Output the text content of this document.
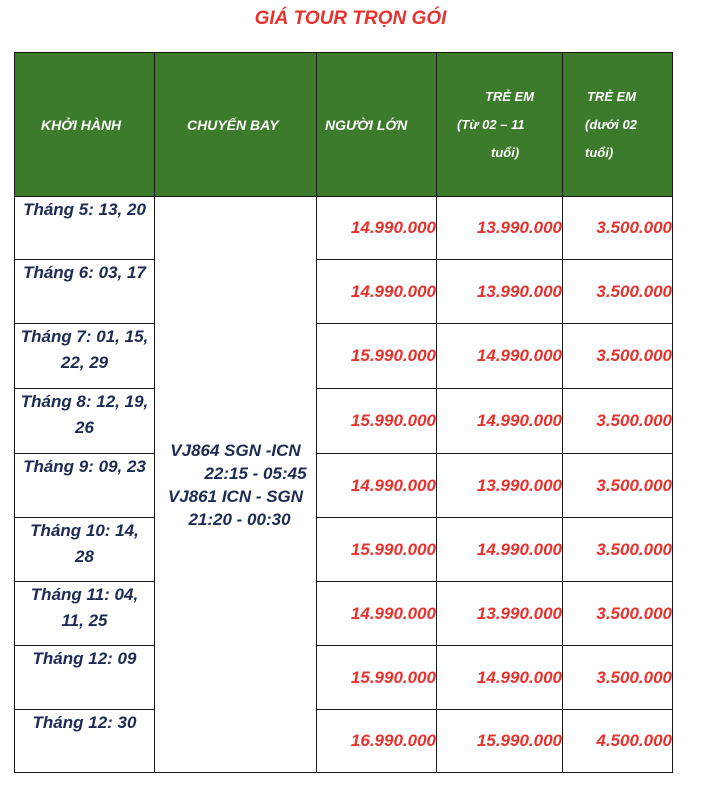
GIÁ TOUR TRỌN GÓI
KHỞI HÀNH	CHUYẾN BAY	NGƯỜI LỚN	TRẺ EM
(Từ 02 – 11
tuổi)	TRẺ EM
(dưới 02
tuổi)

Tháng 5: 13, 20	VJ864 SGN -ICN
22:15 - 05:45
VJ861 ICN - SGN
21:20 - 00:30	14.990.000	13.990.000	3.500.000

Tháng 6: 03, 17		14.990.000	13.990.000	3.500.000

Tháng 7: 01, 15,
22, 29		15.990.000	14.990.000	3.500.000

Tháng 8: 12, 19,
26		15.990.000	14.990.000	3.500.000

Tháng 9: 09, 23		14.990.000	13.990.000	3.500.000

Tháng 10: 14,
28		15.990.000	14.990.000	3.500.000

Tháng 11: 04,
11, 25		14.990.000	13.990.000	3.500.000

Tháng 12: 09		15.990.000	14.990.000	3.500.000

Tháng 12: 30		16.990.000	15.990.000	4.500.000
